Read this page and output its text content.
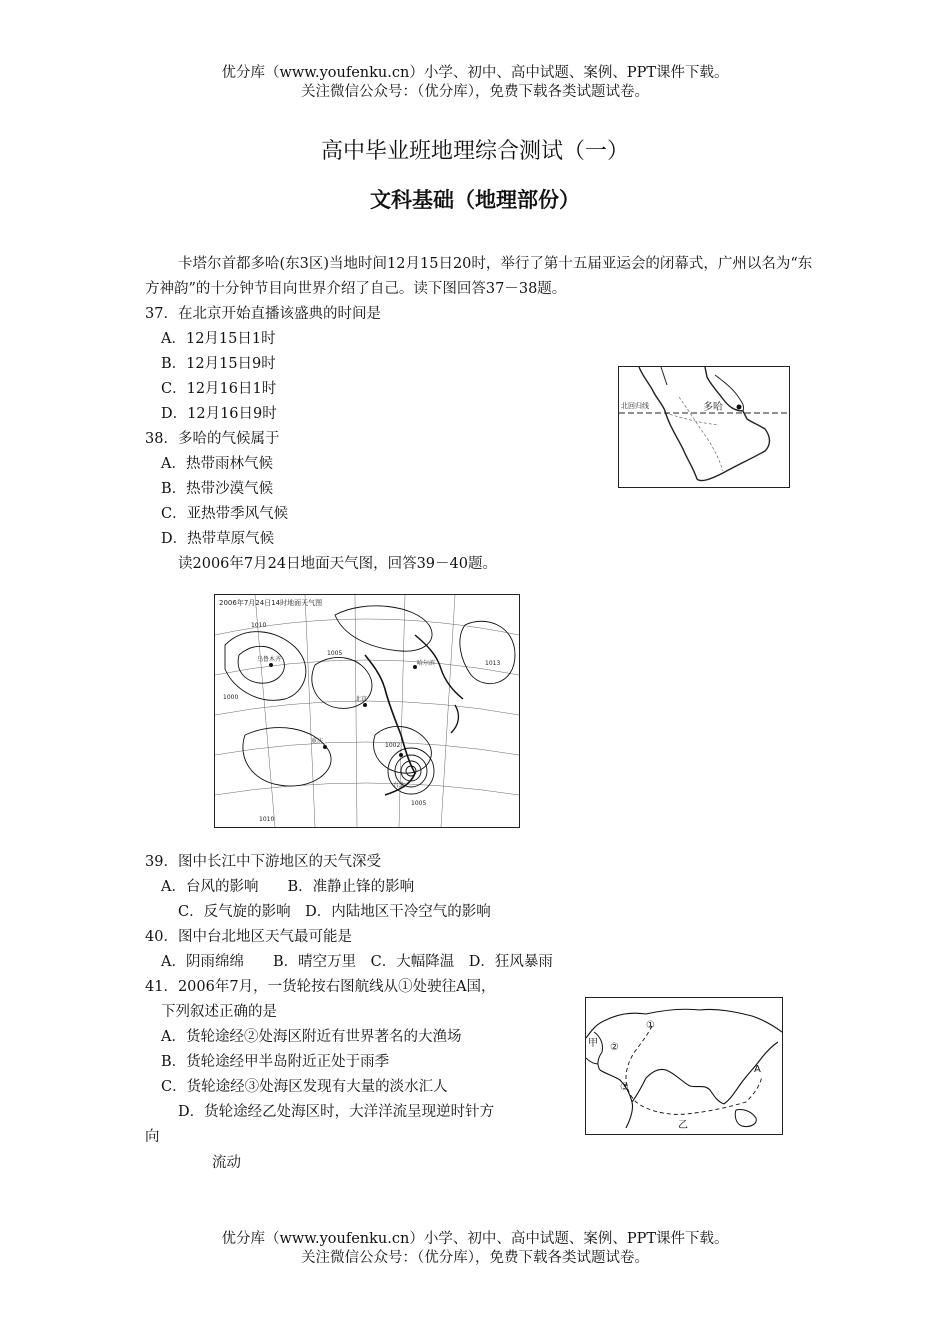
优分库（www.youfenku.cn）小学、初中、高中试题、案例、PPT课件下载。
关注微信公众号：（优分库），免费下载各类试题试卷。
高中毕业班地理综合测试（一）
文科基础（地理部份）
卡塔尔首都多哈(东3区)当地时间12月15日20时，举行了第十五届亚运会的闭幕式，广州以名为“东方神韵”的十分钟节目向世界介绍了自己。读下图回答37－38题。
37．在北京开始直播该盛典的时间是
A．12月15日1时
B．12月15日9时
C．12月16日1时
D．12月16日9时
38．多哈的气候属于
A．热带雨林气候
B．热带沙漠气候
C．亚热带季风气候
D．热带草原气候
北回归线	多哈
读2006年7月24日地面天气图，回答39－40题。
2006年7月24日14时地面天气图
1000
1005
1010
1013
1002
1005
1010
乌鲁木齐
北京
哈尔滨
重庆
台北
39．图中长江中下游地区的天气深受
A．台风的影响　　B．准静止锋的影响
C．反气旋的影响　D．内陆地区干冷空气的影响
40．图中台北地区天气最可能是
A．阴雨绵绵　　B．晴空万里　C．大幅降温　D．狂风暴雨
41．2006年7月，一货轮按右图航线从①处驶往A国，
下列叙述正确的是
A．货轮途经②处海区附近有世界著名的大渔场
B．货轮途经甲半岛附近正处于雨季
C．货轮途经③处海区发现有大量的淡水汇人
D．货轮途经乙处海区时，大洋洋流呈现逆时针方
向
流动
①
②
③
甲
乙
A
优分库（www.youfenku.cn）小学、初中、高中试题、案例、PPT课件下载。
关注微信公众号：（优分库），免费下载各类试题试卷。
